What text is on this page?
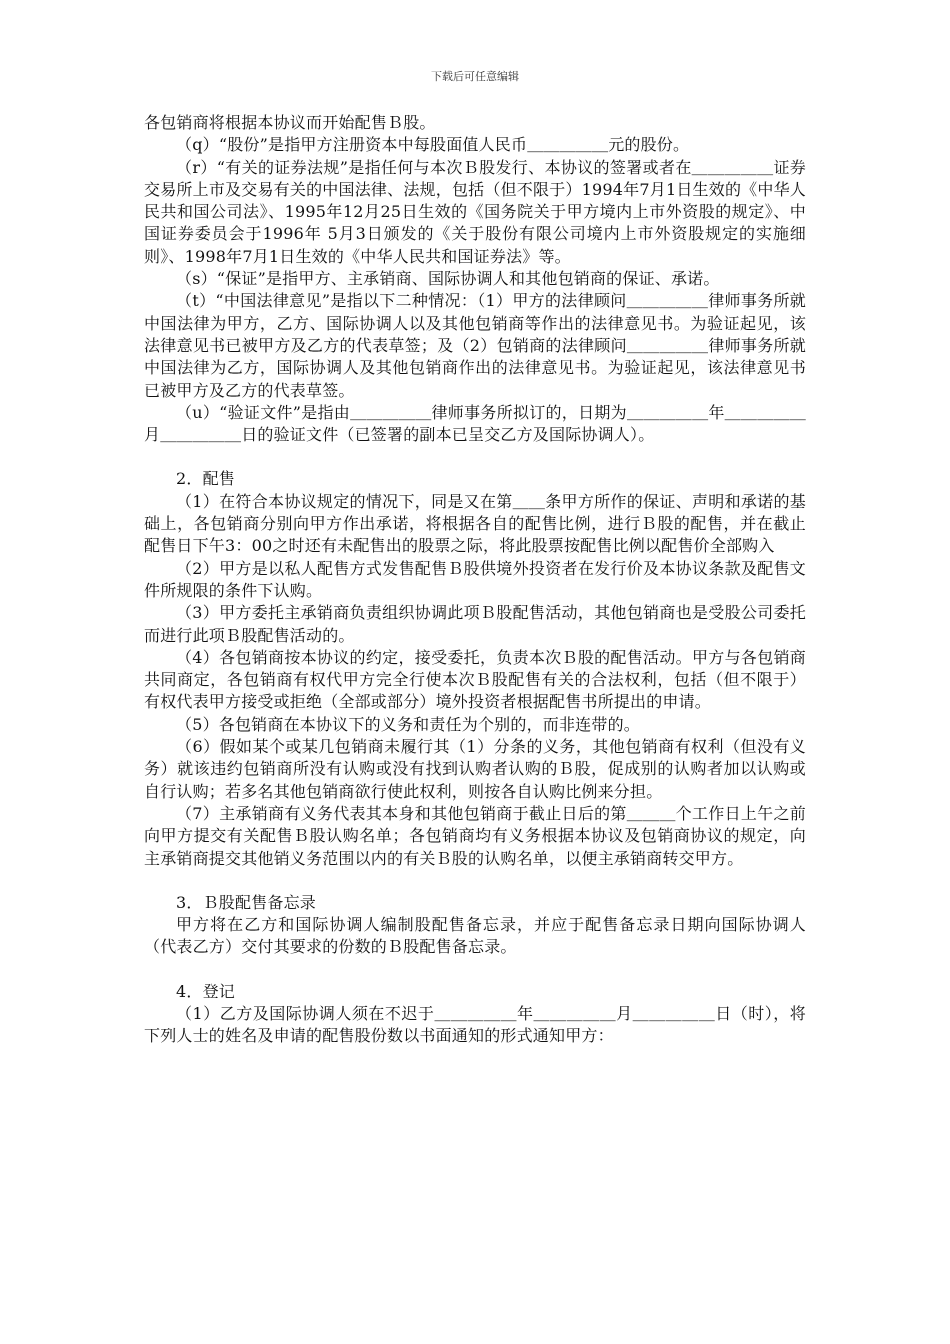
下载后可任意编辑

各包销商将根据本协议而开始配售Ｂ股。

（q）“股份”是指甲方注册资本中每股面值人民币＿＿＿＿＿元的股份。

（r）“有关的证券法规”是指任何与本次Ｂ股发行、本协议的签署或者在＿＿＿＿＿证券交易所上市及交易有关的中国法律、法规，包括（但不限于）1994年7月1日生效的《中华人民共和国公司法》、1995年12月25日生效的《国务院关于甲方境内上市外资股的规定》、中国证券委员会于1996年 5月3日颁发的《关于股份有限公司境内上市外资股规定的实施细则》、1998年7月1日生效的《中华人民共和国证券法》等。

（s）“保证”是指甲方、主承销商、国际协调人和其他包销商的保证、承诺。

（t）“中国法律意见”是指以下二种情况：（1）甲方的法律顾问＿＿＿＿＿律师事务所就中国法律为甲方，乙方、国际协调人以及其他包销商等作出的法律意见书。为验证起见，该法律意见书已被甲方及乙方的代表草签；及（2）包销商的法律顾问＿＿＿＿＿律师事务所就中国法律为乙方，国际协调人及其他包销商作出的法律意见书。为验证起见，该法律意见书已被甲方及乙方的代表草签。

（u）“验证文件”是指由＿＿＿＿＿律师事务所拟订的，日期为＿＿＿＿＿年＿＿＿＿＿月＿＿＿＿＿日的验证文件（已签署的副本已呈交乙方及国际协调人）。

2．配售

（1）在符合本协议规定的情况下，同是又在第＿＿条甲方所作的保证、声明和承诺的基础上，各包销商分别向甲方作出承诺，将根据各自的配售比例，进行Ｂ股的配售，并在截止配售日下午3：00之时还有未配售出的股票之际，将此股票按配售比例以配售价全部购入

（2）甲方是以私人配售方式发售配售Ｂ股供境外投资者在发行价及本协议条款及配售文件所规限的条件下认购。

（3）甲方委托主承销商负责组织协调此项Ｂ股配售活动，其他包销商也是受股公司委托而进行此项Ｂ股配售活动的。

（4）各包销商按本协议的约定，接受委托，负责本次Ｂ股的配售活动。甲方与各包销商共同商定，各包销商有权代甲方完全行使本次Ｂ股配售有关的合法权利，包括（但不限于）有权代表甲方接受或拒绝（全部或部分）境外投资者根据配售书所提出的申请。

（5）各包销商在本协议下的义务和责任为个别的，而非连带的。

（6）假如某个或某几包销商未履行其（1）分条的义务，其他包销商有权利（但没有义务）就该违约包销商所没有认购或没有找到认购者认购的Ｂ股，促成别的认购者加以认购或自行认购；若多名其他包销商欲行使此权利，则按各自认购比例来分担。

（7）主承销商有义务代表其本身和其他包销商于截止日后的第＿＿＿个工作日上午之前向甲方提交有关配售Ｂ股认购名单；各包销商均有义务根据本协议及包销商协议的规定，向主承销商提交其他销义务范围以内的有关Ｂ股的认购名单，以便主承销商转交甲方。

3．Ｂ股配售备忘录

甲方将在乙方和国际协调人编制股配售备忘录，并应于配售备忘录日期向国际协调人（代表乙方）交付其要求的份数的Ｂ股配售备忘录。

4．登记

（1）乙方及国际协调人须在不迟于＿＿＿＿＿年＿＿＿＿＿月＿＿＿＿＿日（时），将下列人士的姓名及申请的配售股份数以书面通知的形式通知甲方：
